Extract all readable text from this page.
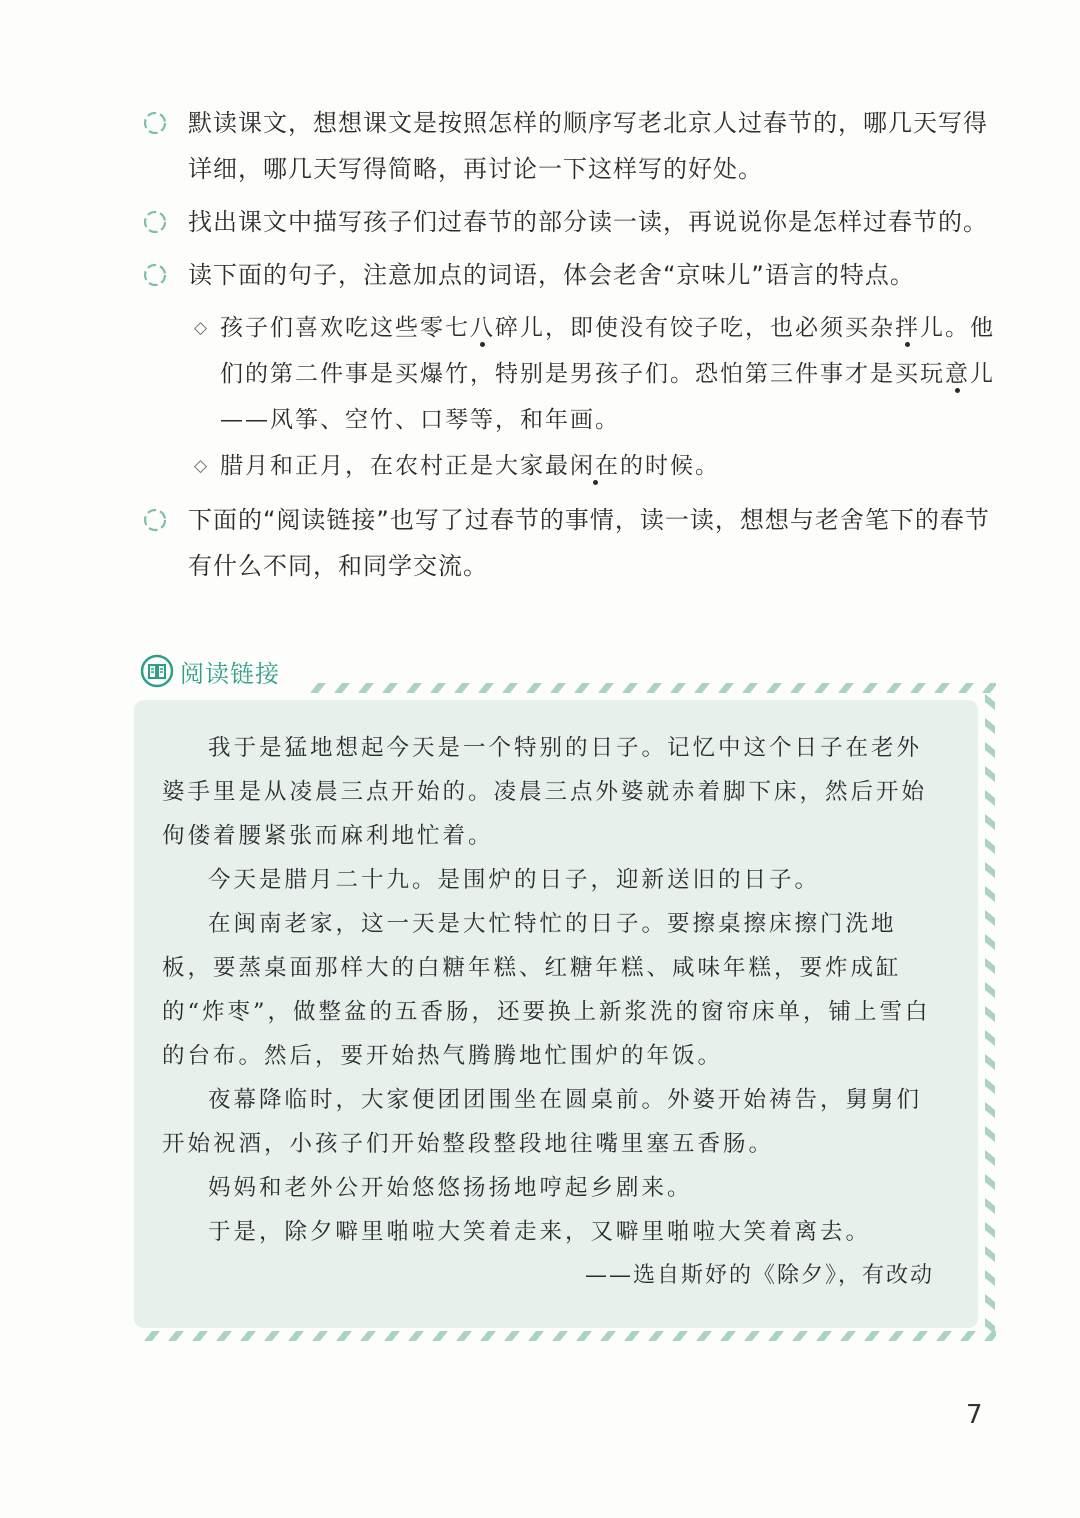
默读课文，想想课文是按照怎样的顺序写老北京人过春节的，哪几天写得详细，哪几天写得简略，再讨论一下这样写的好处。
找出课文中描写孩子们过春节的部分读一读，再说说你是怎样过春节的。
读下面的句子，注意加点的词语，体会老舍“京味儿”语言的特点。
◇ 孩子们喜欢吃这些零七八碎儿，即使没有饺子吃，也必须买杂拌儿。他们的第二件事是买爆竹，特别是男孩子们。恐怕第三件事才是买玩意儿——风筝、空竹、口琴等，和年画。
◇ 腊月和正月，在农村正是大家最闲在的时候。
下面的“阅读链接”也写了过春节的事情，读一读，想想与老舍笔下的春节有什么不同，和同学交流。
阅读链接

我于是猛地想起今天是一个特别的日子。记忆中这个日子在老外婆手里是从凌晨三点开始的。凌晨三点外婆就赤着脚下床，然后开始佝偻着腰紧张而麻利地忙着。

今天是腊月二十九。是围炉的日子，迎新送旧的日子。

在闽南老家，这一天是大忙特忙的日子。要擦桌擦床擦门洗地板，要蒸桌面那样大的白糖年糕、红糖年糕、咸味年糕，要炸成缸的“炸枣”，做整盆的五香肠，还要换上新浆洗的窗帘床单，铺上雪白的台布。然后，要开始热气腾腾地忙围炉的年饭。

夜幕降临时，大家便团团围坐在圆桌前。外婆开始祷告，舅舅们开始祝酒，小孩子们开始整段整段地往嘴里塞五香肠。

妈妈和老外公开始悠悠扬扬地哼起乡剧来。

于是，除夕噼里啪啦大笑着走来，又噼里啪啦大笑着离去。

——选自斯妤的《除夕》，有改动
7
